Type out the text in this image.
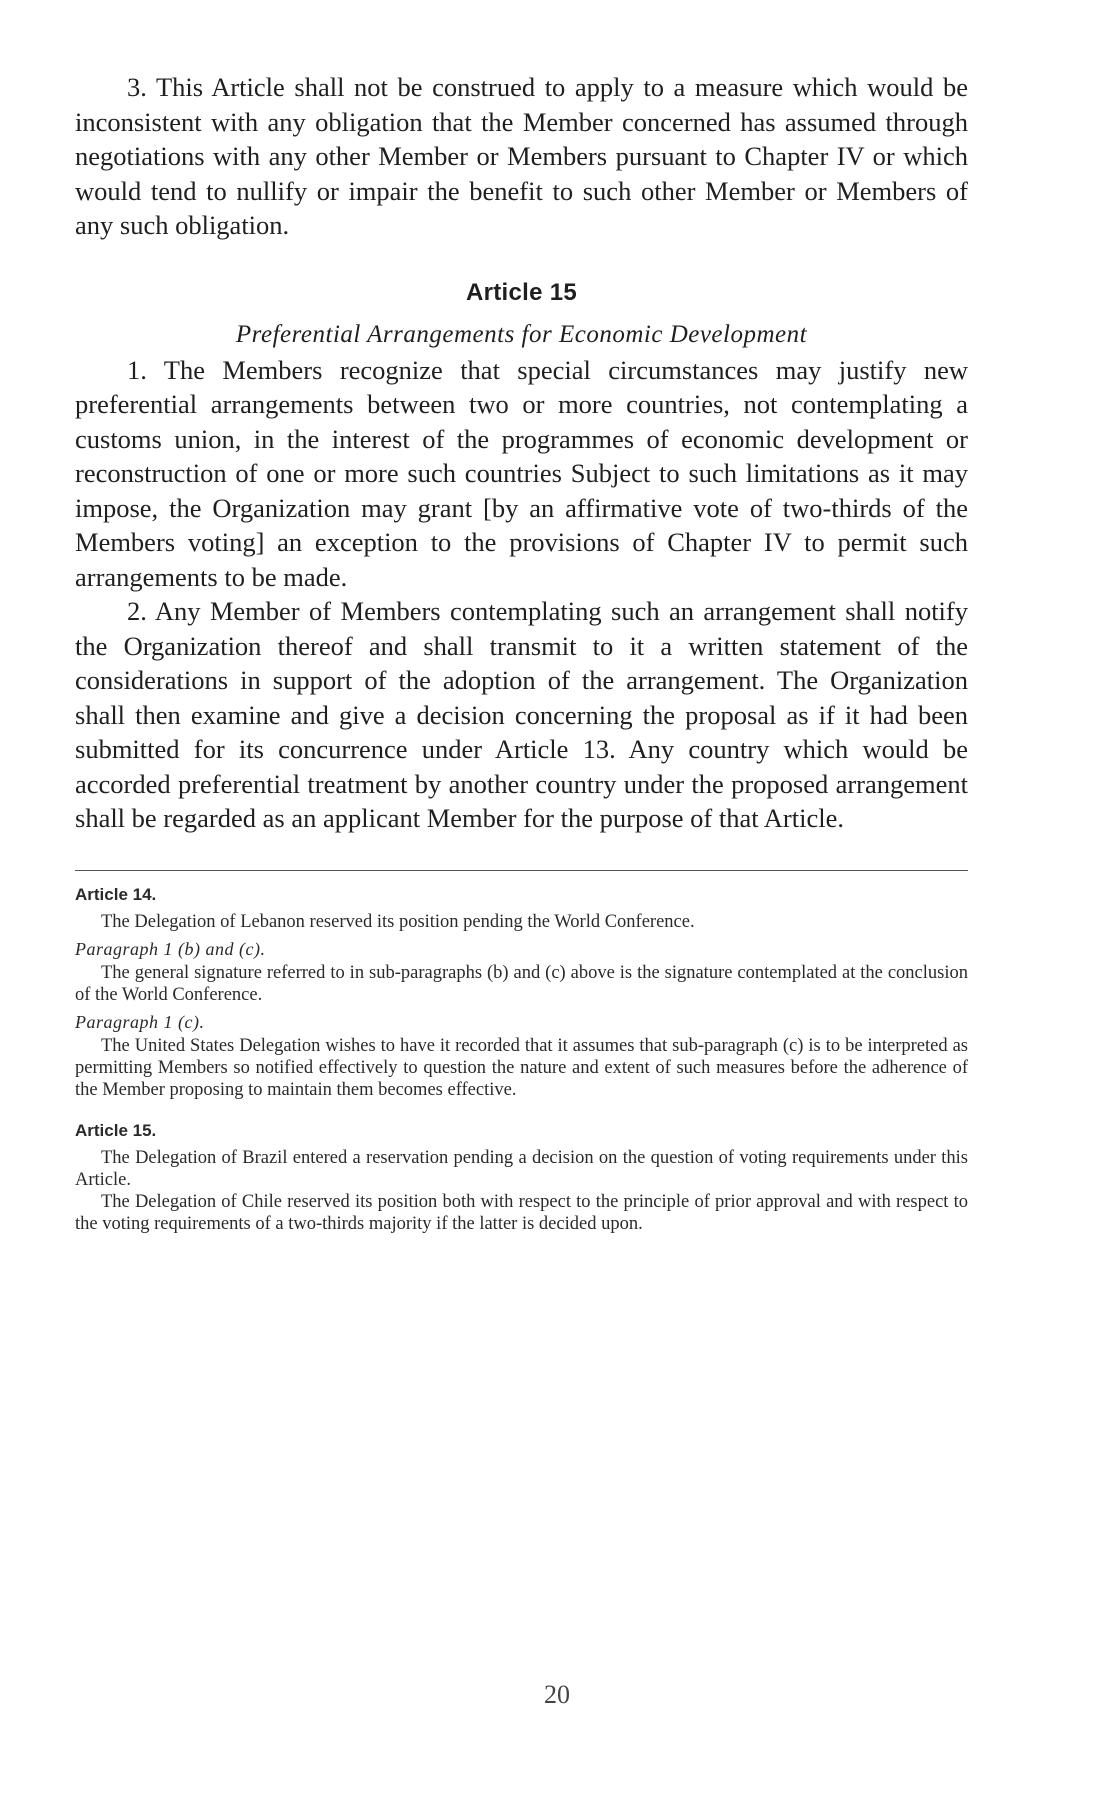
3. This Article shall not be construed to apply to a measure which would be inconsistent with any obligation that the Member concerned has assumed through negotiations with any other Member or Members pursuant to Chapter IV or which would tend to nullify or impair the benefit to such other Member or Members of any such obligation.

Article 15
Preferential Arrangements for Economic Development

1. The Members recognize that special circumstances may justify new preferential arrangements between two or more countries, not contemplating a customs union, in the interest of the programmes of economic development or reconstruction of one or more such countries Subject to such limitations as it may impose, the Organization may grant [by an affirmative vote of two-thirds of the Members voting] an exception to the provisions of Chapter IV to permit such arrangements to be made.

2. Any Member of Members contemplating such an arrangement shall notify the Organization thereof and shall transmit to it a written statement of the considerations in support of the adoption of the arrangement. The Organization shall then examine and give a decision concerning the proposal as if it had been submitted for its concurrence under Article 13. Any country which would be accorded preferential treatment by another country under the proposed arrangement shall be regarded as an applicant Member for the purpose of that Article.

Article 14.

The Delegation of Lebanon reserved its position pending the World Conference.

Paragraph 1 (b) and (c).

The general signature referred to in sub-paragraphs (b) and (c) above is the signature contemplated at the conclusion of the World Conference.

Paragraph 1 (c).

The United States Delegation wishes to have it recorded that it assumes that sub-paragraph (c) is to be interpreted as permitting Members so notified effectively to question the nature and extent of such measures before the adherence of the Member proposing to maintain them becomes effective.

Article 15.

The Delegation of Brazil entered a reservation pending a decision on the question of voting requirements under this Article.

The Delegation of Chile reserved its position both with respect to the principle of prior approval and with respect to the voting requirements of a two-thirds majority if the latter is decided upon.

20
